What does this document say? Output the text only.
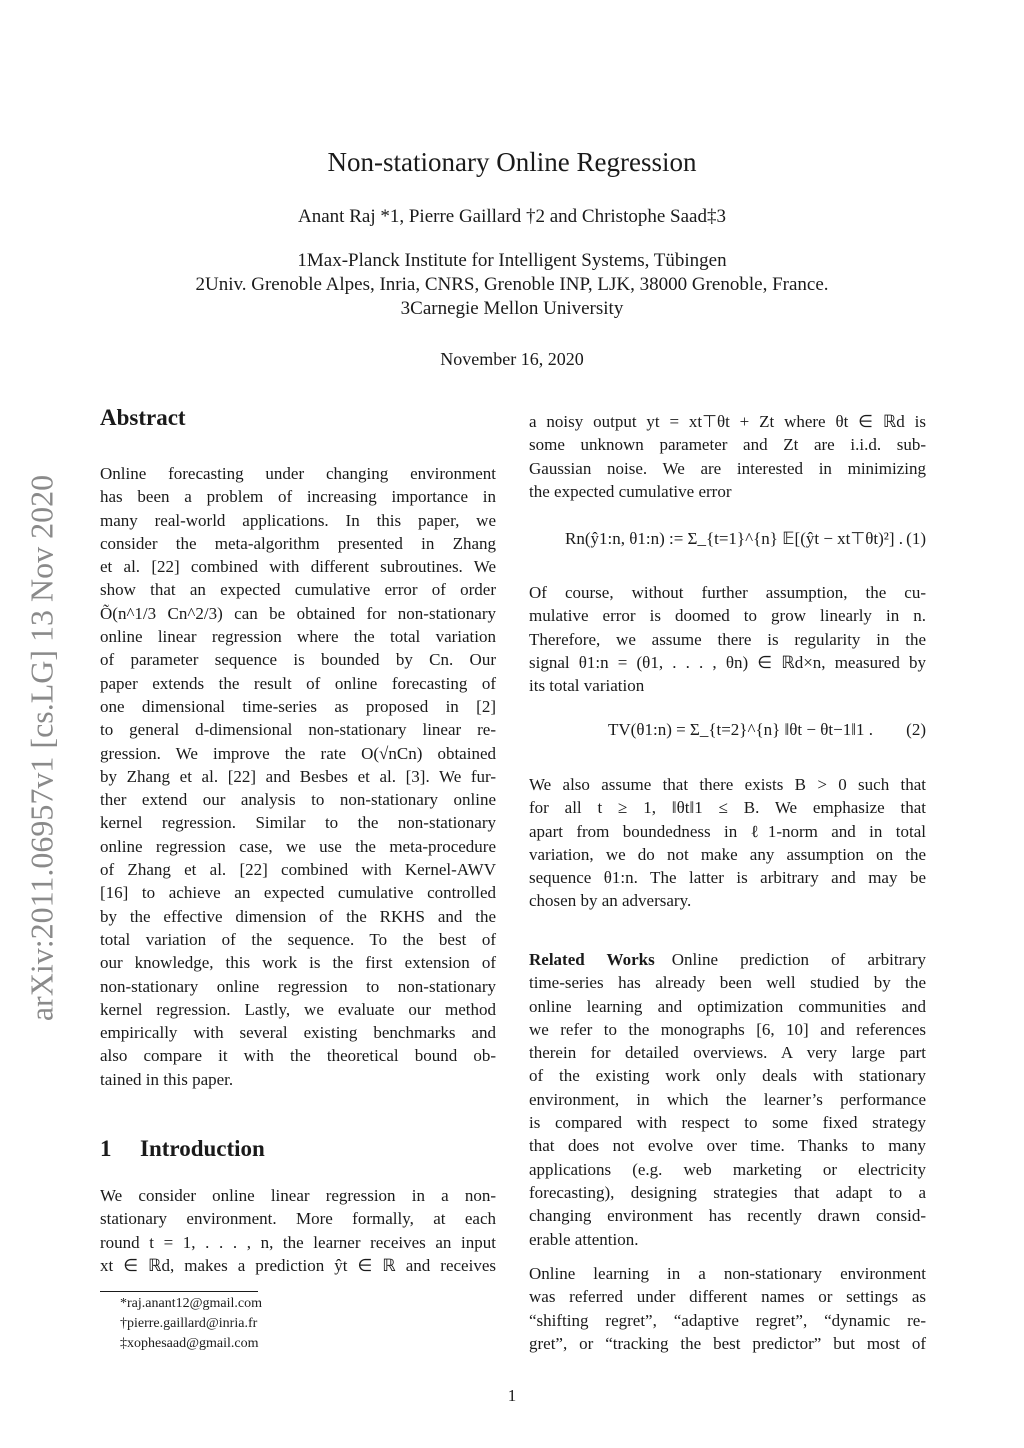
arXiv:2011.06957v1 [cs.LG] 13 Nov 2020
Non-stationary Online Regression
Anant Raj *1, Pierre Gaillard †2 and Christophe Saad‡3
1Max-Planck Institute for Intelligent Systems, Tübingen
2Univ. Grenoble Alpes, Inria, CNRS, Grenoble INP, LJK, 38000 Grenoble, France.
3Carnegie Mellon University
November 16, 2020
Abstract

Online forecasting under changing environment

has been a problem of increasing importance in

many real-world applications. In this paper, we

consider the meta-algorithm presented in Zhang

et al. [22] combined with different subroutines. We

show that an expected cumulative error of order

Õ(n^1/3 Cn^2/3) can be obtained for non-stationary

online linear regression where the total variation

of parameter sequence is bounded by Cn. Our

paper extends the result of online forecasting of

one dimensional time-series as proposed in [2]

to general d-dimensional non-stationary linear re-

gression. We improve the rate O(√nCn) obtained

by Zhang et al. [22] and Besbes et al. [3]. We fur-

ther extend our analysis to non-stationary online

kernel regression. Similar to the non-stationary

online regression case, we use the meta-procedure

of Zhang et al. [22] combined with Kernel-AWV

[16] to achieve an expected cumulative controlled

by the effective dimension of the RKHS and the

total variation of the sequence. To the best of

our knowledge, this work is the first extension of

non-stationary online regression to non-stationary

kernel regression. Lastly, we evaluate our method

empirically with several existing benchmarks and

also compare it with the theoretical bound ob-

tained in this paper.

1 Introduction

We consider online linear regression in a non-

stationary environment. More formally, at each

round t = 1, . . . , n, the learner receives an input

xt ∈ ℝd, makes a prediction ŷt ∈ ℝ and receives

*raj.anant12@gmail.com
†pierre.gaillard@inria.fr
‡xophesaad@gmail.com

a noisy output yt = xt⊤θt + Zt where θt ∈ ℝd is

some unknown parameter and Zt are i.i.d. sub-

Gaussian noise. We are interested in minimizing

the expected cumulative error

Rn(ŷ1:n, θ1:n) := Σ_{t=1}^{n} 𝔼[(ŷt − xt⊤θt)²] . (1)

Of course, without further assumption, the cu-

mulative error is doomed to grow linearly in n.

Therefore, we assume there is regularity in the

signal θ1:n = (θ1, . . . , θn) ∈ ℝd×n, measured by

its total variation

TV(θ1:n) = Σ_{t=2}^{n} ‖θt − θt−1‖1 . (2)

We also assume that there exists B > 0 such that

for all t ≥ 1, ‖θt‖1 ≤ B. We emphasize that

apart from boundedness in ℓ1-norm and in total

variation, we do not make any assumption on the

sequence θ1:n. The latter is arbitrary and may be

chosen by an adversary.

Related Works  Online prediction of arbitrary

time-series has already been well studied by the

online learning and optimization communities and

we refer to the monographs [6, 10] and references

therein for detailed overviews. A very large part

of the existing work only deals with stationary

environment, in which the learner’s performance

is compared with respect to some fixed strategy

that does not evolve over time. Thanks to many

applications (e.g. web marketing or electricity

forecasting), designing strategies that adapt to a

changing environment has recently drawn consid-

erable attention.

Online learning in a non-stationary environment

was referred under different names or settings as

“shifting regret”, “adaptive regret”, “dynamic re-

gret”, or “tracking the best predictor” but most of

1
